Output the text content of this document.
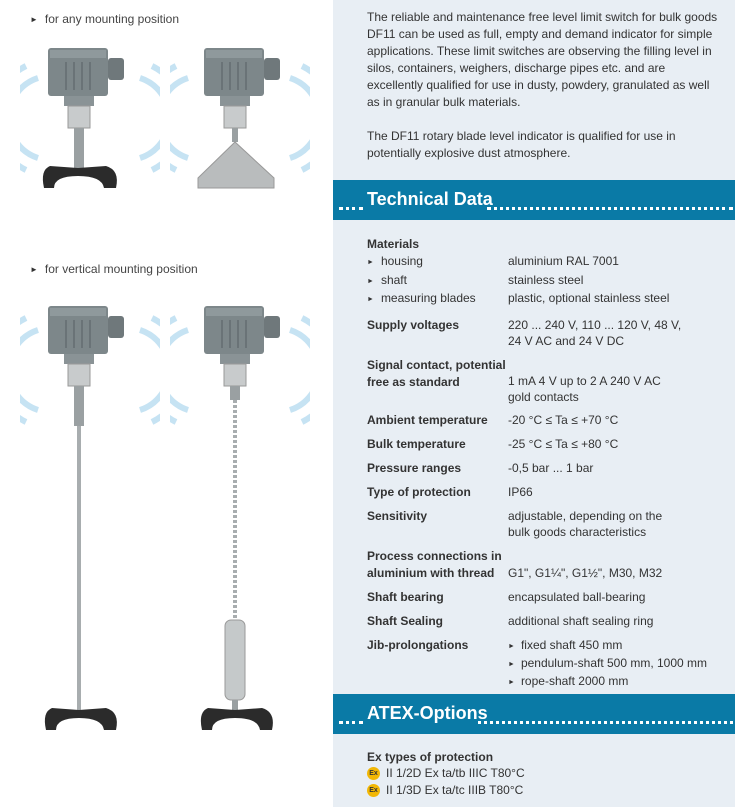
► for any mounting position
► for vertical mounting position

The reliable and maintenance free level limit switch for bulk goods DF11 can be used as full, empty and demand indicator for simple applications. These limit switches are observing the filling level in silos, containers, weighers, discharge pipes etc. and are excellently qualified for use in dusty, powdery, granulated as well as in granular bulk materials.

The DF11 rotary blade level indicator is qualified for use in potentially explosive dust atmosphere.

Technical Data
Materials
► housing	aluminium RAL 7001
► shaft	stainless steel
► measuring blades	plastic, optional stainless steel
Supply voltages	220 ... 240 V, 110 ... 120 V, 48 V,
24 V AC and 24 V DC
Signal contact, potential
free as standard	1 mA 4 V up to 2 A 240 V AC
gold contacts
Ambient temperature	-20 °C ≤ Ta ≤ +70 °C
Bulk temperature	-25 °C ≤ Ta ≤ +80 °C
Pressure ranges	-0,5 bar ... 1 bar
Type of protection	IP66
Sensitivity	adjustable, depending on the
bulk goods characteristics
Process connections in
aluminium with thread	G1", G1¼", G1½", M30, M32
Shaft bearing	encapsulated ball-bearing
Shaft Sealing	additional shaft sealing ring
Jib-prolongations	► fixed shaft 450 mm
► pendulum-shaft 500 mm, 1000 mm
► rope-shaft 2000 mm
ATEX-Options
Ex types of protection
Ex II 1/2D Ex ta/tb IIIC T80°C
Ex II 1/3D Ex ta/tc IIIB T80°C
